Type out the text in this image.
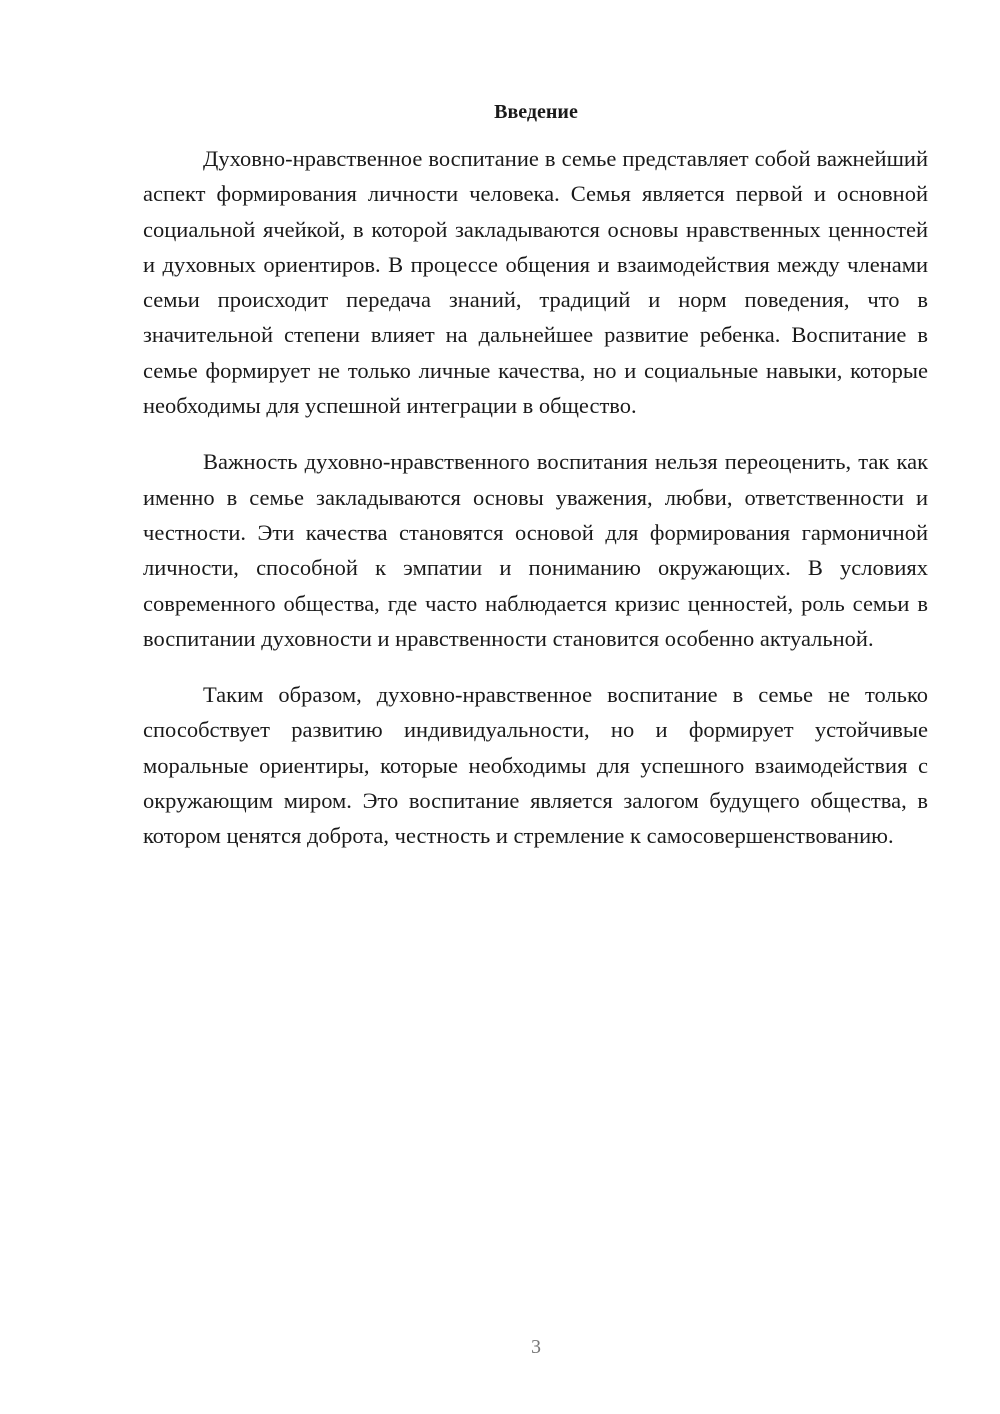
Введение

Духовно-нравственное воспитание в семье представляет собой важнейший аспект формирования личности человека. Семья является первой и основной социальной ячейкой, в которой закладываются основы нравственных ценностей и духовных ориентиров. В процессе общения и взаимодействия между членами семьи происходит передача знаний, традиций и норм поведения, что в значительной степени влияет на дальнейшее развитие ребенка. Воспитание в семье формирует не только личные качества, но и социальные навыки, которые необходимы для успешной интеграции в общество.

Важность духовно-нравственного воспитания нельзя переоценить, так как именно в семье закладываются основы уважения, любви, ответственности и честности. Эти качества становятся основой для формирования гармоничной личности, способной к эмпатии и пониманию окружающих. В условиях современного общества, где часто наблюдается кризис ценностей, роль семьи в воспитании духовности и нравственности становится особенно актуальной.

Таким образом, духовно-нравственное воспитание в семье не только способствует развитию индивидуальности, но и формирует устойчивые моральные ориентиры, которые необходимы для успешного взаимодействия с окружающим миром. Это воспитание является залогом будущего общества, в котором ценятся доброта, честность и стремление к самосовершенствованию.

3
